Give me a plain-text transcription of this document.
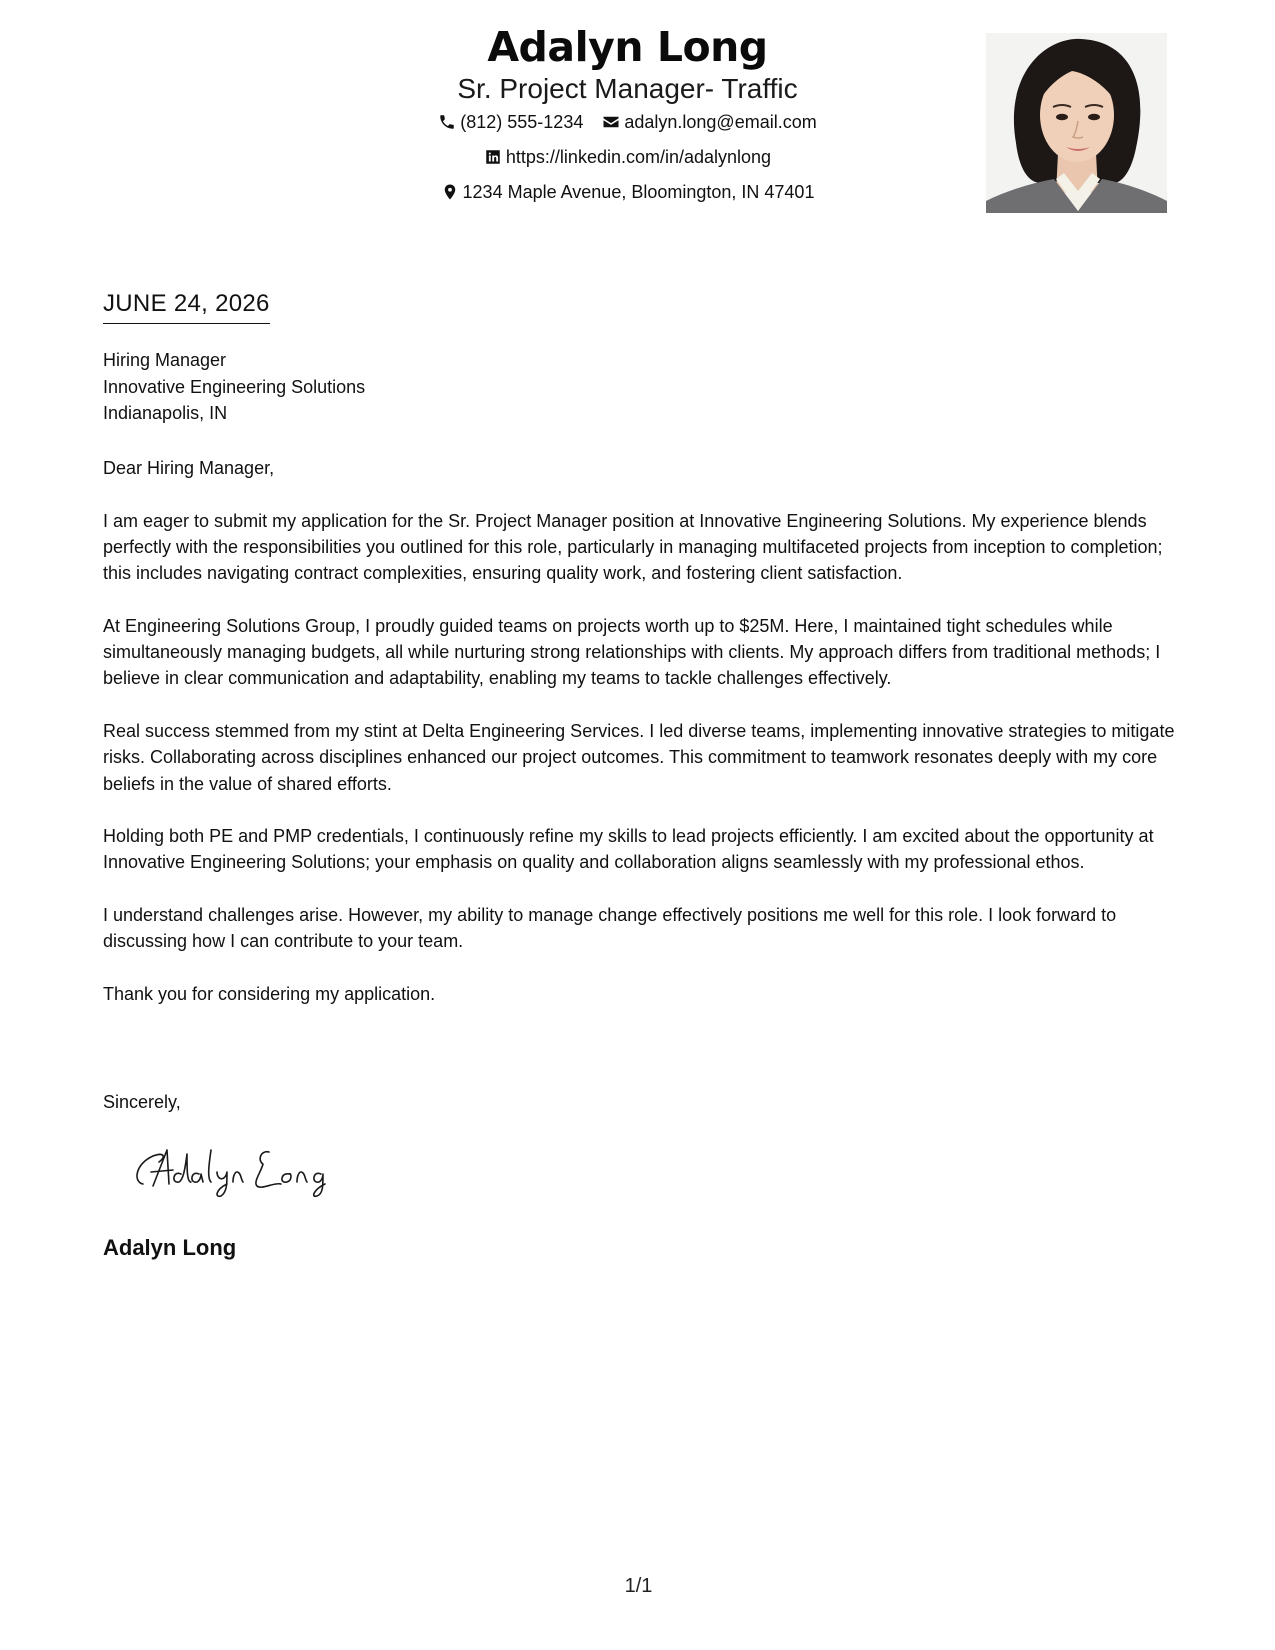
Adalyn Long
Sr. Project Manager- Traffic
(812) 555-1234
adalyn.long@email.com
https://linkedin.com/in/adalynlong
1234 Maple Avenue, Bloomington, IN 47401
JUNE 24, 2026
Hiring Manager
Innovative Engineering Solutions
Indianapolis, IN

Dear Hiring Manager,

I am eager to submit my application for the Sr. Project Manager position at Innovative Engineering Solutions. My experience blends perfectly with the responsibilities you outlined for this role, particularly in managing multifaceted projects from inception to completion; this includes navigating contract complexities, ensuring quality work, and fostering client satisfaction.

At Engineering Solutions Group, I proudly guided teams on projects worth up to $25M. Here, I maintained tight schedules while simultaneously managing budgets, all while nurturing strong relationships with clients. My approach differs from traditional methods; I believe in clear communication and adaptability, enabling my teams to tackle challenges effectively.

Real success stemmed from my stint at Delta Engineering Services. I led diverse teams, implementing innovative strategies to mitigate risks. Collaborating across disciplines enhanced our project outcomes. This commitment to teamwork resonates deeply with my core beliefs in the value of shared efforts.

Holding both PE and PMP credentials, I continuously refine my skills to lead projects efficiently. I am excited about the opportunity at Innovative Engineering Solutions; your emphasis on quality and collaboration aligns seamlessly with my professional ethos.

I understand challenges arise. However, my ability to manage change effectively positions me well for this role. I look forward to discussing how I can contribute to your team.

Thank you for considering my application.

Sincerely,
Adalyn Long
1/1
